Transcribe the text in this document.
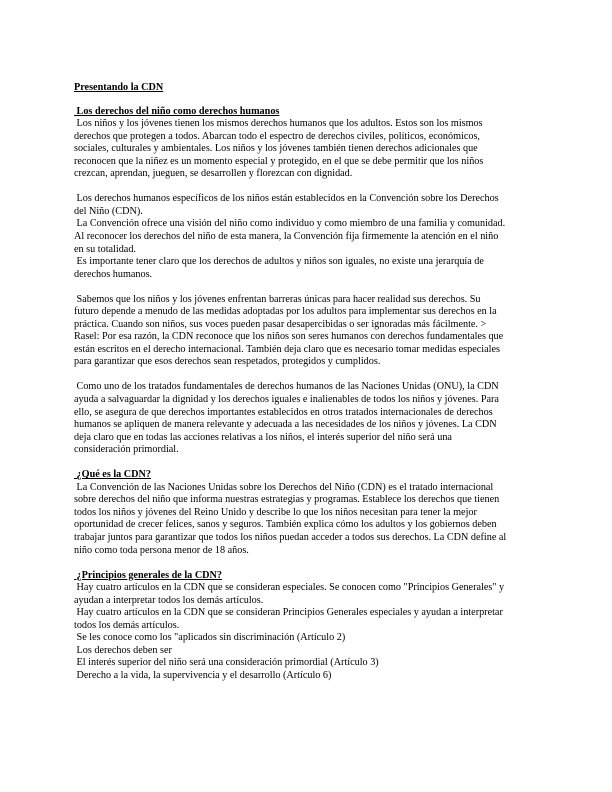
Presentando la CDN
Los derechos del niño como derechos humanos
Los niños y los jóvenes tienen los mismos derechos humanos que los adultos. Estos son los mismos
derechos que protegen a todos. Abarcan todo el espectro de derechos civiles, políticos, económicos,
sociales, culturales y ambientales. Los niños y los jóvenes también tienen derechos adicionales que
reconocen que la niñez es un momento especial y protegido, en el que se debe permitir que los niños
crezcan, aprendan, jueguen, se desarrollen y florezcan con dignidad.
Los derechos humanos específicos de los niños están establecidos en la Convención sobre los Derechos
del Niño (CDN).
La Convención ofrece una visión del niño como individuo y como miembro de una familia y comunidad.
Al reconocer los derechos del niño de esta manera, la Convención fija firmemente la atención en el niño
en su totalidad.
Es importante tener claro que los derechos de adultos y niños son iguales, no existe una jerarquía de
derechos humanos.
Sabemos que los niños y los jóvenes enfrentan barreras únicas para hacer realidad sus derechos. Su
futuro depende a menudo de las medidas adoptadas por los adultos para implementar sus derechos en la
práctica. Cuando son niños, sus voces pueden pasar desapercibidas o ser ignoradas más fácilmente. >
Rasel: Por esa razón, la CDN reconoce que los niños son seres humanos con derechos fundamentales que
están escritos en el derecho internacional. También deja claro que es necesario tomar medidas especiales
para garantizar que esos derechos sean respetados, protegidos y cumplidos.
Como uno de los tratados fundamentales de derechos humanos de las Naciones Unidas (ONU), la CDN
ayuda a salvaguardar la dignidad y los derechos iguales e inalienables de todos los niños y jóvenes. Para
ello, se asegura de que derechos importantes establecidos en otros tratados internacionales de derechos
humanos se apliquen de manera relevante y adecuada a las necesidades de los niños y jóvenes. La CDN
deja claro que en todas las acciones relativas a los niños, el interés superior del niño será una
consideración primordial.
¿Qué es la CDN?
La Convención de las Naciones Unidas sobre los Derechos del Niño (CDN) es el tratado internacional
sobre derechos del niño que informa nuestras estrategias y programas. Establece los derechos que tienen
todos los niños y jóvenes del Reino Unido y describe lo que los niños necesitan para tener la mejor
oportunidad de crecer felices, sanos y seguros. También explica cómo los adultos y los gobiernos deben
trabajar juntos para garantizar que todos los niños puedan acceder a todos sus derechos. La CDN define al
niño como toda persona menor de 18 años.
¿Principios generales de la CDN?
Hay cuatro artículos en la CDN que se consideran especiales. Se conocen como "Principios Generales" y
ayudan a interpretar todos los demás artículos.
Hay cuatro artículos en la CDN que se consideran Principios Generales especiales y ayudan a interpretar
todos los demás artículos.
Se les conoce como los "aplicados sin discriminación (Artículo 2)
Los derechos deben ser
El interés superior del niño será una consideración primordial (Artículo 3)
Derecho a la vida, la supervivencia y el desarrollo (Artículo 6)
